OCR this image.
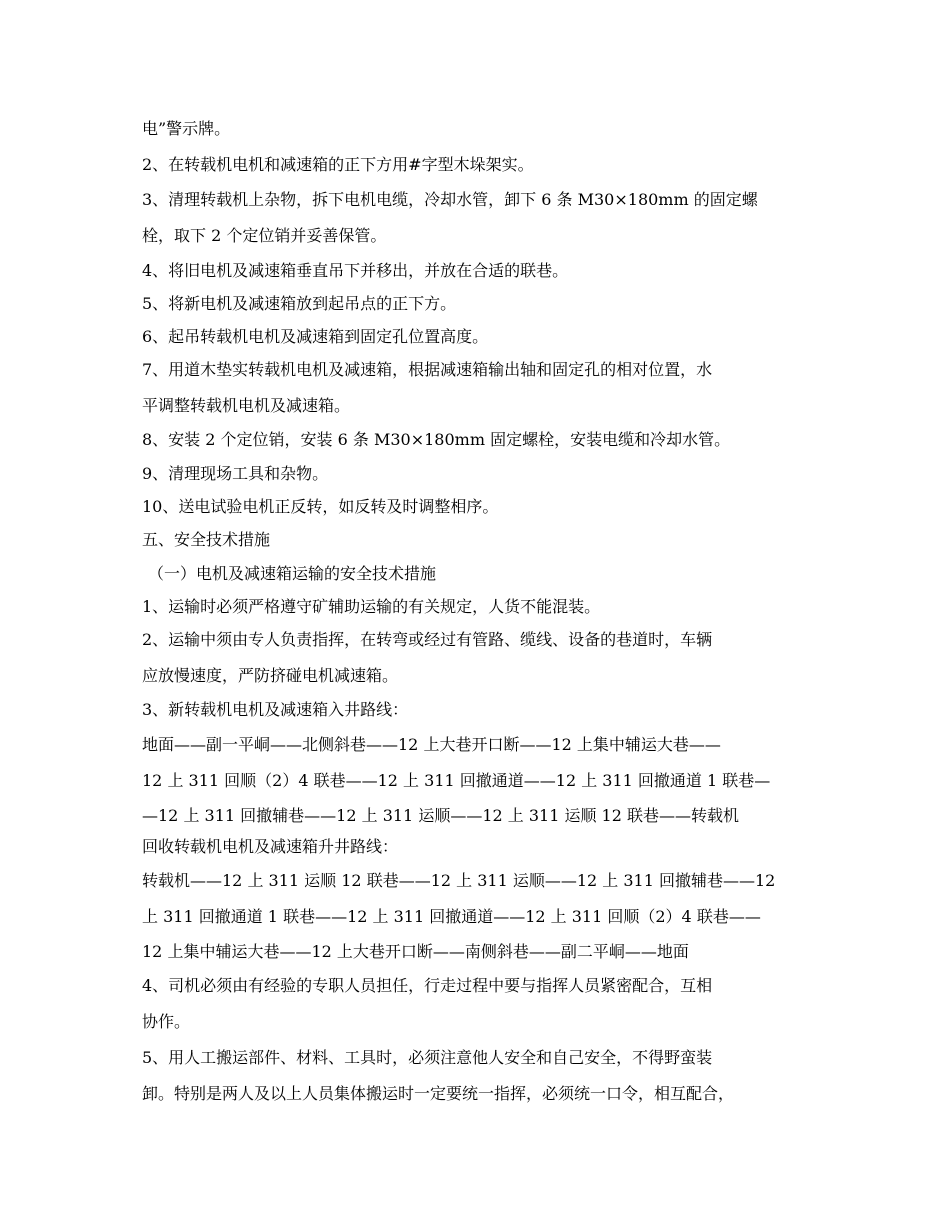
电”警示牌。
2、在转载机电机和减速箱的正下方用#字型木垛架实。
3、清理转载机上杂物，拆下电机电缆，冷却水管，卸下 6 条 M30×180mm 的固定螺
栓，取下 2 个定位销并妥善保管。
4、将旧电机及减速箱垂直吊下并移出，并放在合适的联巷。
5、将新电机及减速箱放到起吊点的正下方。
6、起吊转载机电机及减速箱到固定孔位置高度。
7、用道木垫实转载机电机及减速箱，根据减速箱输出轴和固定孔的相对位置，水
平调整转载机电机及减速箱。
8、安装 2 个定位销，安装 6 条 M30×180mm 固定螺栓，安装电缆和冷却水管。
9、清理现场工具和杂物。
10、送电试验电机正反转，如反转及时调整相序。
五、安全技术措施
（一）电机及减速箱运输的安全技术措施
1、运输时必须严格遵守矿辅助运输的有关规定，人货不能混装。
2、运输中须由专人负责指挥，在转弯或经过有管路、缆线、设备的巷道时，车辆
应放慢速度，严防挤碰电机减速箱。
3、新转载机电机及减速箱入井路线：
地面——副一平峒——北侧斜巷——12 上大巷开口断——12 上集中辅运大巷——
12 上 311 回顺（2）4 联巷——12 上 311 回撤通道——12 上 311 回撤通道 1 联巷—
—12 上 311 回撤辅巷——12 上 311 运顺——12 上 311 运顺 12 联巷——转载机
回收转载机电机及减速箱升井路线：
转载机——12 上 311 运顺 12 联巷——12 上 311 运顺——12 上 311 回撤辅巷——12
上 311 回撤通道 1 联巷——12 上 311 回撤通道——12 上 311 回顺（2）4 联巷——
12 上集中辅运大巷——12 上大巷开口断——南侧斜巷——副二平峒——地面
4、司机必须由有经验的专职人员担任，行走过程中要与指挥人员紧密配合，互相
协作。
5、用人工搬运部件、材料、工具时，必须注意他人安全和自己安全，不得野蛮装
卸。特别是两人及以上人员集体搬运时一定要统一指挥，必须统一口令，相互配合，
